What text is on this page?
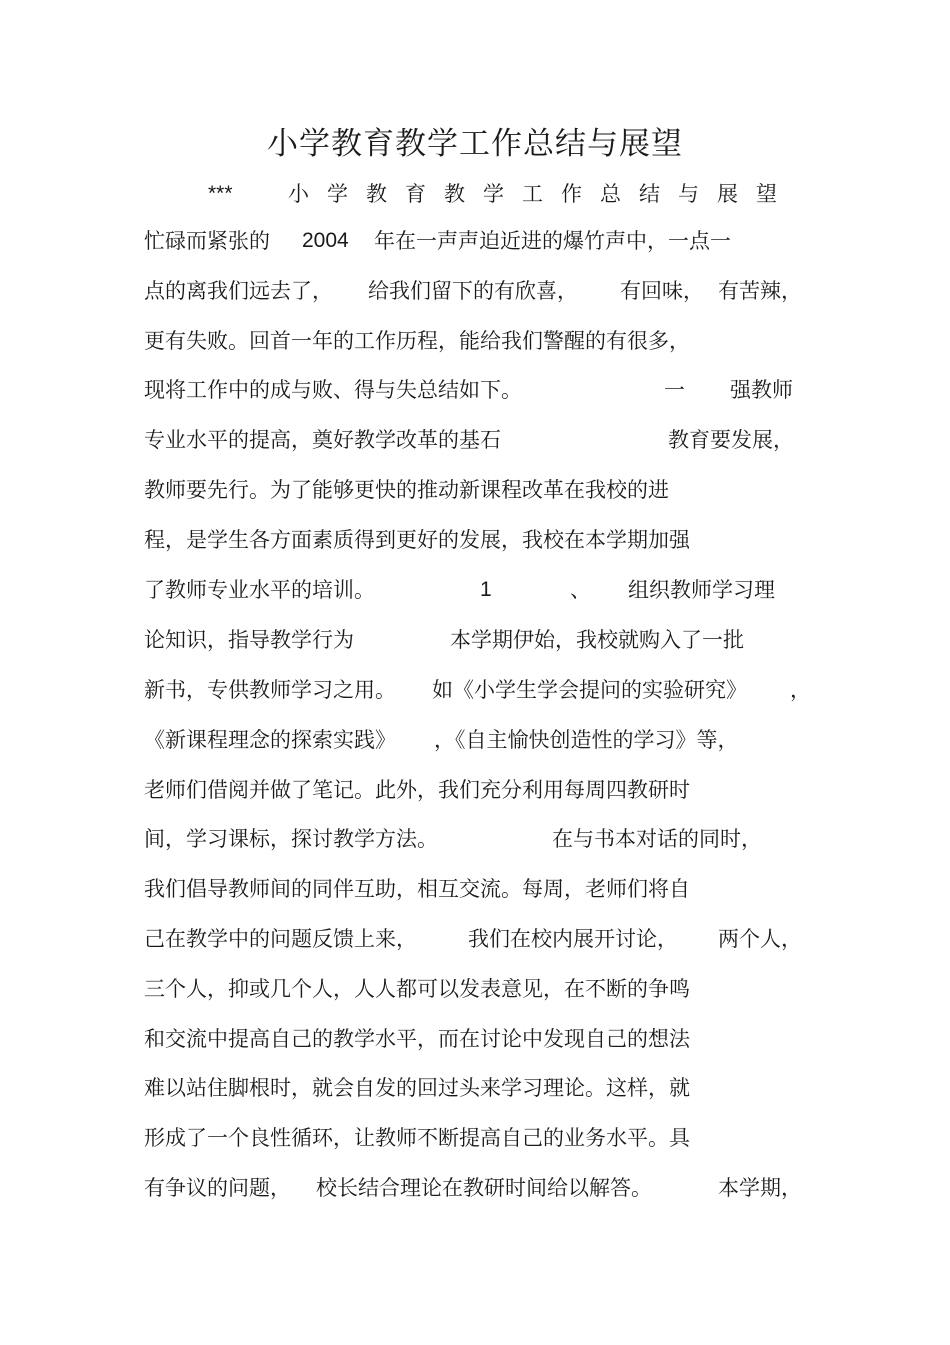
小学教育教学工作总结与展望
***	小学教育教学工作总结与展望
忙碌而紧张的 2004 年在一声声迫近进的爆竹声中，一点一
点的离我们远去了， 给我们留下的有欣喜， 有回味， 有苦辣，
更有失败。回首一年的工作历程，能给我们警醒的有很多，
现将工作中的成与败、得与失总结如下。	一 强教师
专业水平的提高，奠好教学改革的基石	教育要发展，
教师要先行。为了能够更快的推动新课程改革在我校的进
程，是学生各方面素质得到更好的发展，我校在本学期加强
了教师专业水平的培训。	1	、 组织教师学习理
论知识，指导教学行为	本学期伊始，我校就购入了一批
新书，专供教师学习之用。 如《小学生学会提问的实验研究》 ，
《新课程理念的探索实践》 ，《自主愉快创造性的学习》等，
老师们借阅并做了笔记。此外，我们充分利用每周四教研时
间，学习课标，探讨教学方法。	在与书本对话的同时，
我们倡导教师间的同伴互助，相互交流。每周，老师们将自
己在教学中的问题反馈上来， 我们在校内展开讨论， 两个人，
三个人，抑或几个人，人人都可以发表意见，在不断的争鸣
和交流中提高自己的教学水平，而在讨论中发现自己的想法
难以站住脚根时，就会自发的回过头来学习理论。这样，就
形成了一个良性循环，让教师不断提高自己的业务水平。具
有争议的问题， 校长结合理论在教研时间给以解答。	本学期，
